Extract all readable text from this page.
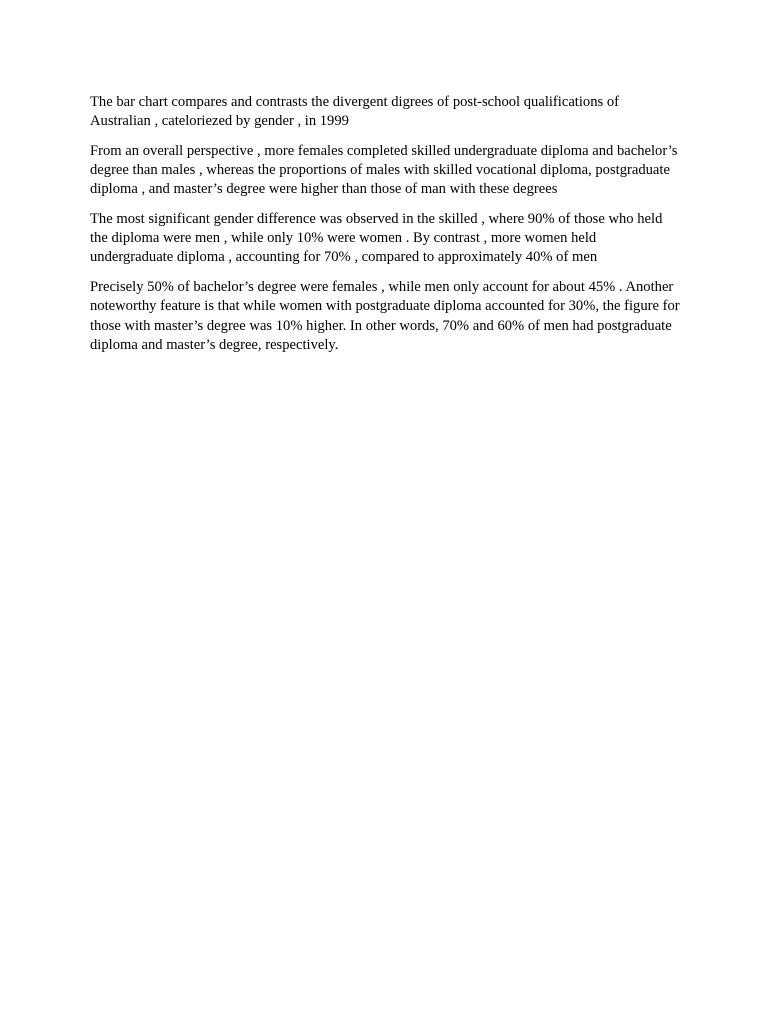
The bar chart compares and contrasts the divergent digrees of post-school qualifications of Australian , cateloriezed by gender , in 1999

From an overall perspective , more females completed skilled undergraduate diploma and bachelor’s degree than males , whereas the proportions of males with skilled vocational diploma, postgraduate diploma , and master’s degree were higher than those of man with these degrees

The most significant gender difference was observed in the skilled , where 90% of those who held the diploma were men , while only 10% were women . By contrast , more women held undergraduate diploma , accounting for 70% , compared to approximately 40% of men

Precisely 50% of bachelor’s degree were females , while men only account for about 45% . Another noteworthy feature is that while women with postgraduate diploma accounted for 30%, the figure for those with master’s degree was 10% higher. In other words, 70% and 60% of men had postgraduate diploma and master’s degree, respectively.
